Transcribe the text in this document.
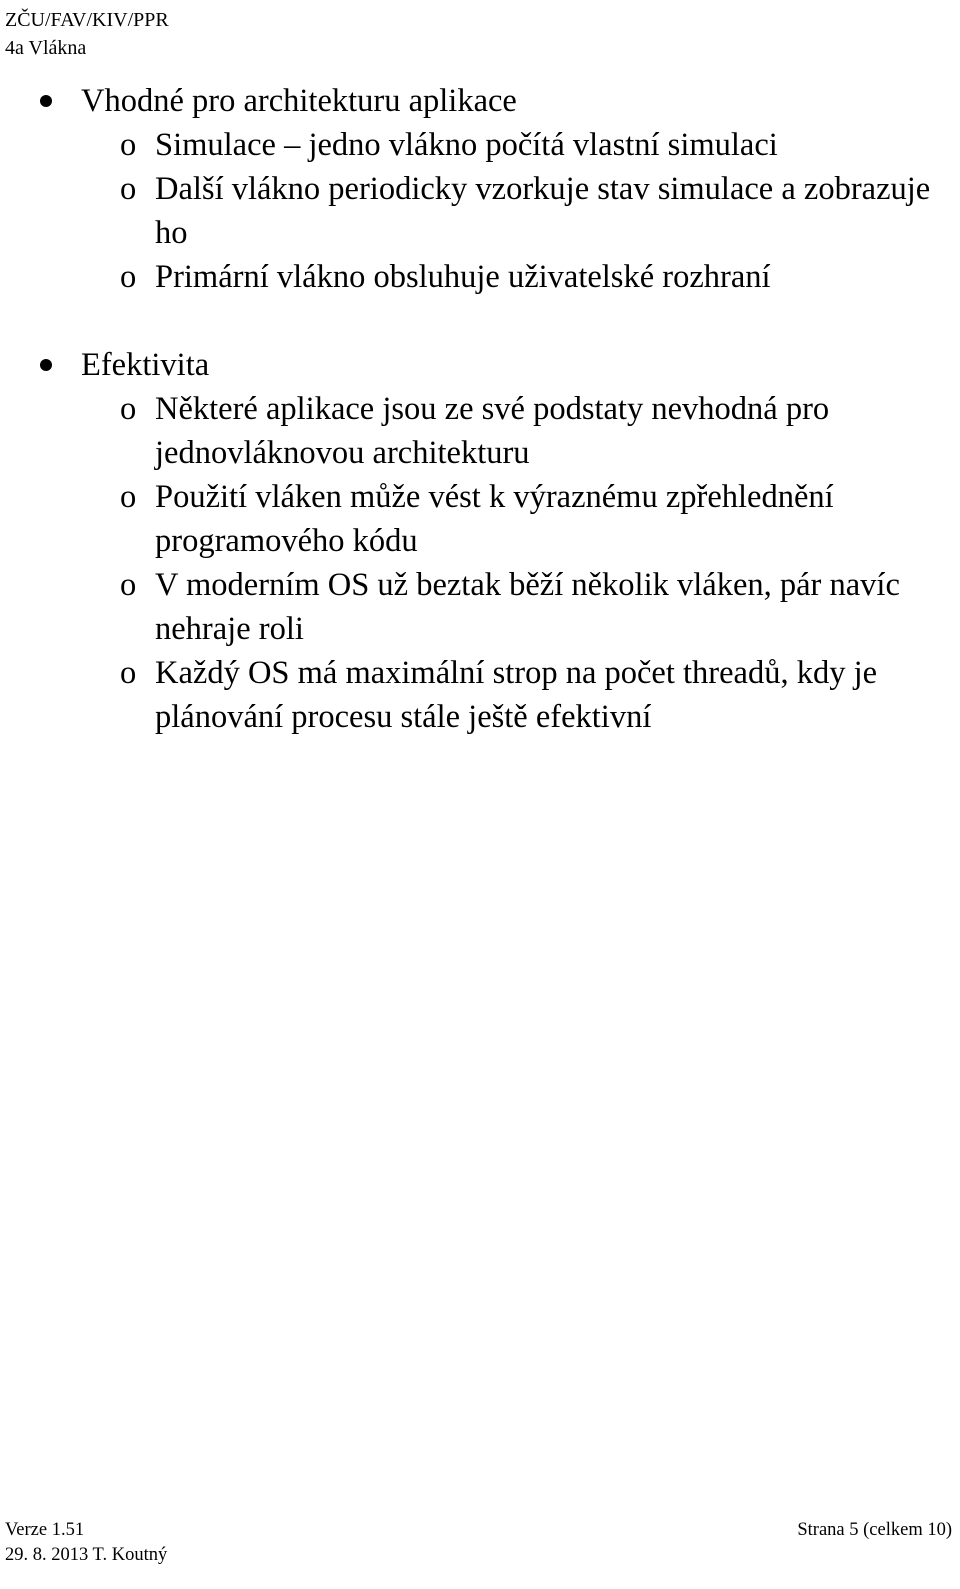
ZČU/FAV/KIV/PPR
4a Vlákna
Vhodné pro architekturu aplikace
o Simulace – jedno vlákno počítá vlastní simulaci
o Další vlákno periodicky vzorkuje stav simulace a zobrazuje ho
o Primární vlákno obsluhuje uživatelské rozhraní
Efektivita
o Některé aplikace jsou ze své podstaty nevhodná pro jednovláknovou architekturu
o Použití vláken může vést k výraznému zpřehlednění programového kódu
o V moderním OS už beztak běží několik vláken, pár navíc nehraje roli
o Každý OS má maximální strop na počet threadů, kdy je plánování procesu stále ještě efektivní
Verze 1.51
29. 8. 2013 T. Koutný
Strana 5 (celkem 10)
